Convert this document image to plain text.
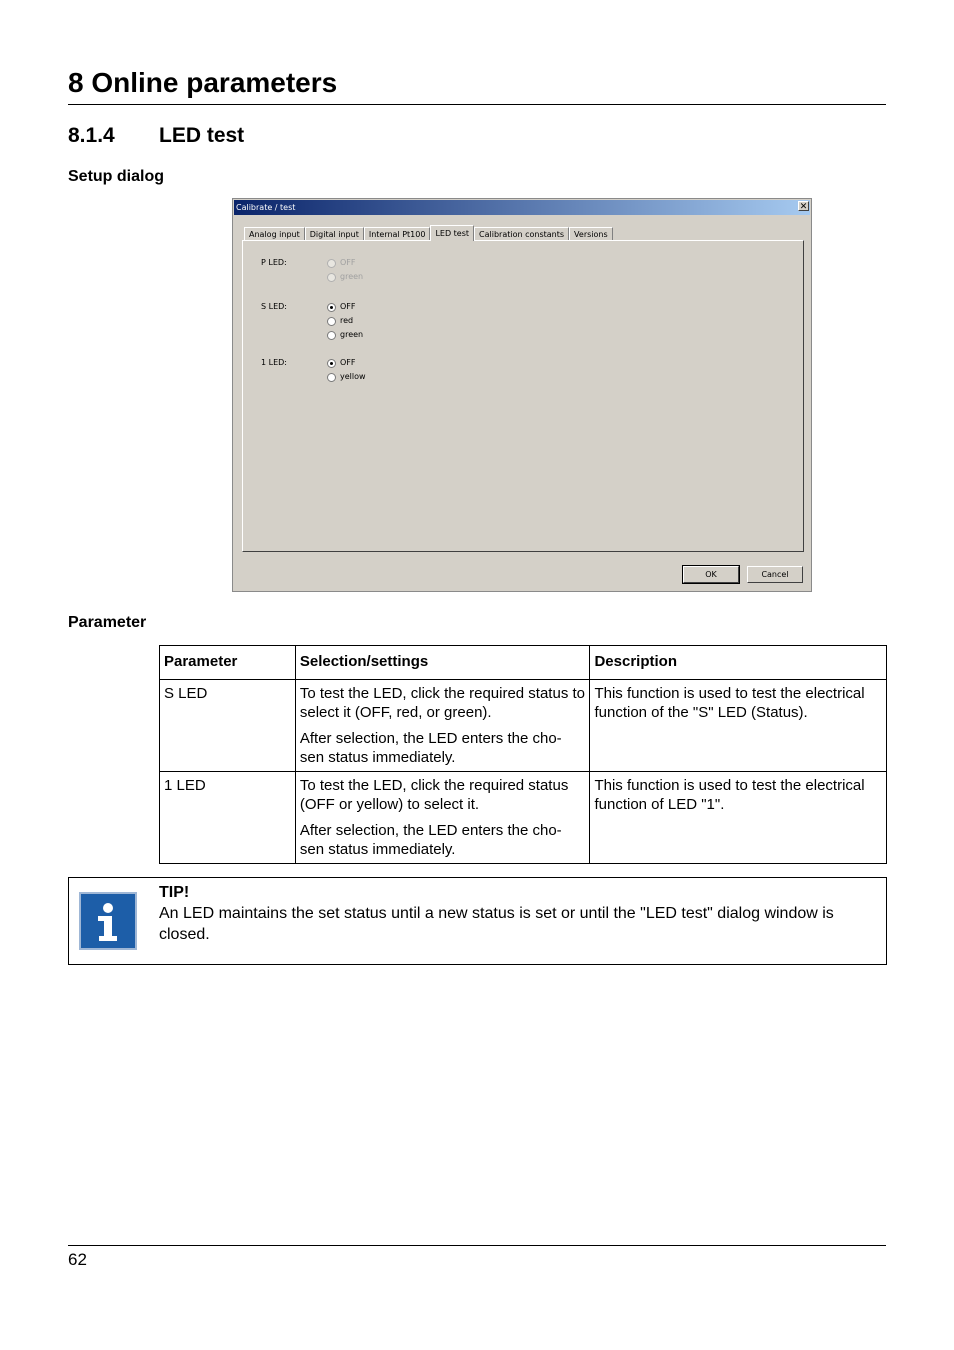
8 Online parameters
8.1.4 LED test
Setup dialog
Calibrate / test	✕
Analog input	Digital input	Internal Pt100	LED test	Calibration constants	Versions
P LED:	OFF
green
S LED:	OFF
red
green
1 LED:	OFF
yellow
OK	Cancel
Parameter
Parameter	Selection/settings	Description
S LED	To test the LED, click the required status to select it (OFF, red, or green).

After selection, the LED enters the cho-sen status immediately.	This function is used to test the electrical function of the "S" LED (Status).
1 LED	To test the LED, click the required status (OFF or yellow) to select it.

After selection, the LED enters the cho-sen status immediately.	This function is used to test the electrical function of LED "1".
TIP!
An LED maintains the set status until a new status is set or until the "LED test" dialog window is closed.
62
